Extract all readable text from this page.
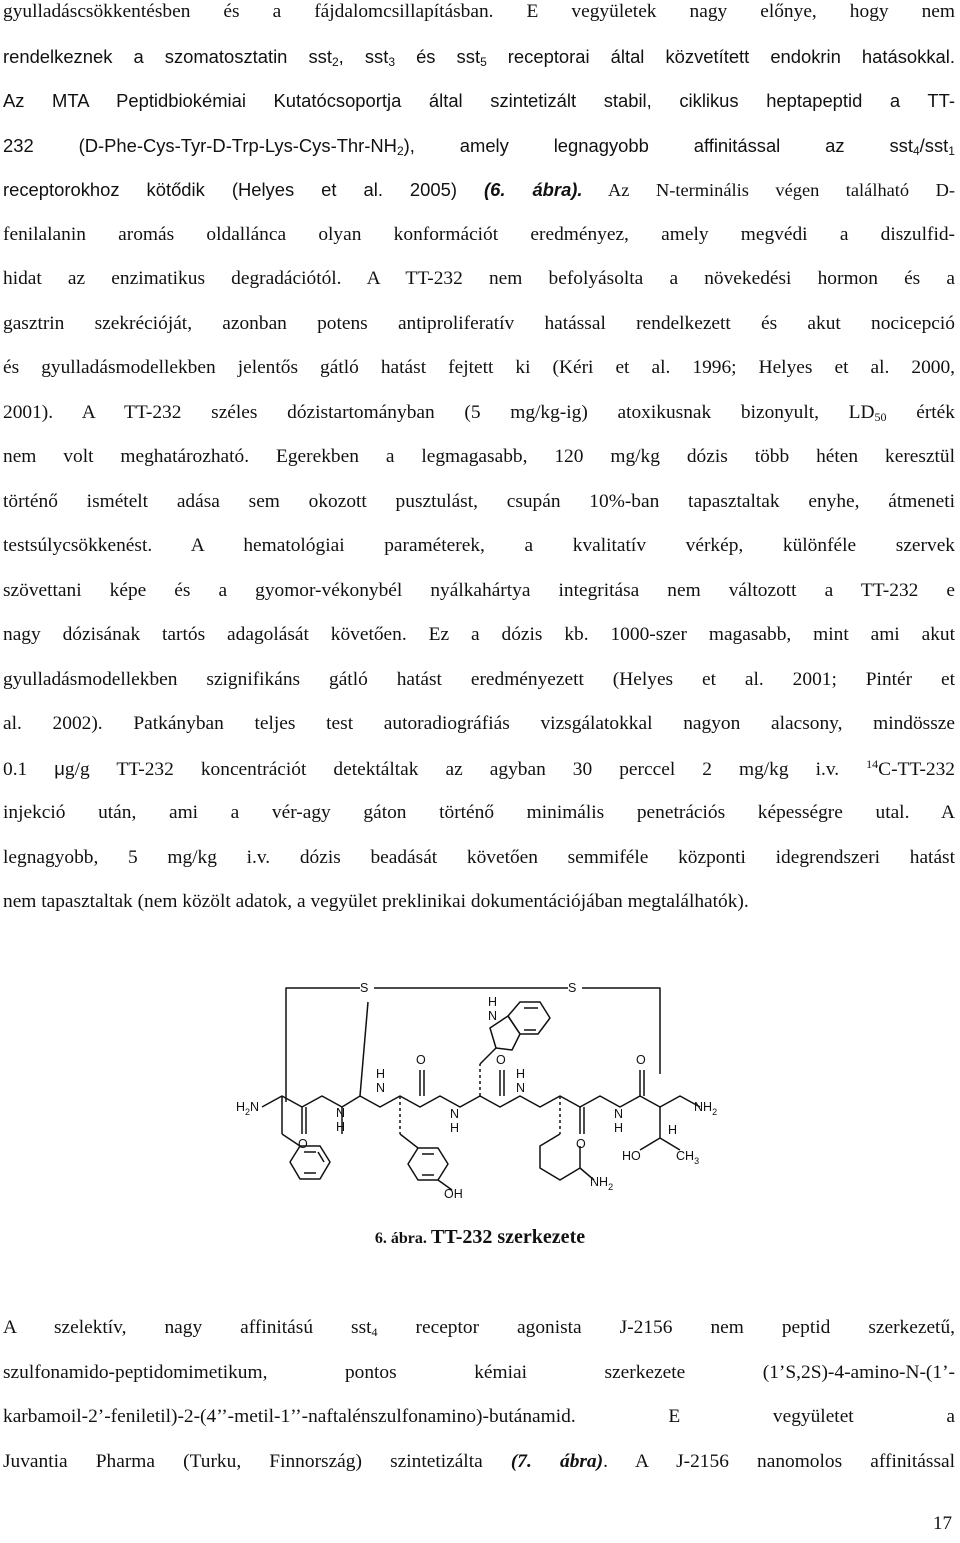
gyulladáscsökkentésben és a fájdalomcsillapításban. E vegyületek nagy előnye, hogy nem
rendelkeznek a szomatosztatin sst$_2$, sst$_3$ és sst$_5$ receptorai által közvetített endokrin hatásokkal.
Az MTA Peptidbiokémiai Kutatócsoportja által szintetizált stabil, ciklikus heptapeptid a TT-
232 $(D-Phe-Cys-Tyr-D-Trp-Lys-Cys-Thr-NH_2)$, amely legnagyobb affinitással az sst$_4$/sst$_1$
receptorokhoz kötődik (Helyes et al. 2005) (6. ábra). Az N-terminális végen található D-
fenilalanin aromás oldallánca olyan konformációt eredményez, amely megvédi a diszulfid-
hidat az enzimatikus degradációtól. A TT-232 nem befolyásolta a növekedési hormon és a
gasztrin szekrécióját, azonban potens antiproliferatív hatással rendelkezett és akut nocicepció
és gyulladásmodellekben jelentős gátló hatást fejtett ki (Kéri et al. 1996; Helyes et al. 2000,
2001). A TT-232 széles dózistartományban (5 mg/kg-ig) atoxikusnak bizonyult, $LD_{50}$ érték
nem volt meghatározható. Egerekben a legmagasabb, 120 mg/kg dózis több héten keresztül
történő ismételt adása sem okozott pusztulást, csupán 10%-ban tapasztaltak enyhe, átmeneti
testsúlycsökkenést. A hematológiai paraméterek, a kvalitatív vérkép, különféle szervek
szövettani képe és a gyomor-vékonybél nyálkahártya integritása nem változott a TT-232 e
nagy dózisának tartós adagolását követően. Ez a dózis kb. 1000-szer magasabb, mint ami akut
gyulladásmodellekben szignifikáns gátló hatást eredményezett (Helyes et al. 2001; Pintér et
al. 2002). Patkányban teljes test autoradiográfiás vizsgálatokkal nagyon alacsony, mindössze
0.1 μg/g TT-232 koncentrációt detektáltak az agyban 30 perccel 2 mg/kg i.v. $^{14}$C-TT-232
injekció után, ami a vér-agy gáton történő minimális penetrációs képességre utal. A
legnagyobb, 5 mg/kg i.v. dózis beadását követően semmiféle központi idegrendszeri hatást
nem tapasztaltak (nem közölt adatok, a vegyület preklinikai dokumentációjában megtalálhatók).
S	S
$H_2N$
O
N
H
N
H
O
N
H
N
H
O
N
H
O
N
H
O
$NH_2$
H
OH
$NH_2$
HO	$CH_3$
6. ábra. TT-232 szerkezete
A szelektív, nagy affinitású sst$_4$ receptor agonista J-2156 nem peptid szerkezetű,
szulfonamido-peptidomimetikum, pontos kémiai szerkezete (1’S,2S)-4-amino-N-(1’-
karbamoil-2’-feniletil)-2-(4’’-metil-1’’-naftalénszulfonamino)-butánamid. E vegyületet a
Juvantia Pharma (Turku, Finnország) szintetizálta (7. ábra). A J-2156 nanomolos affinitással
17
